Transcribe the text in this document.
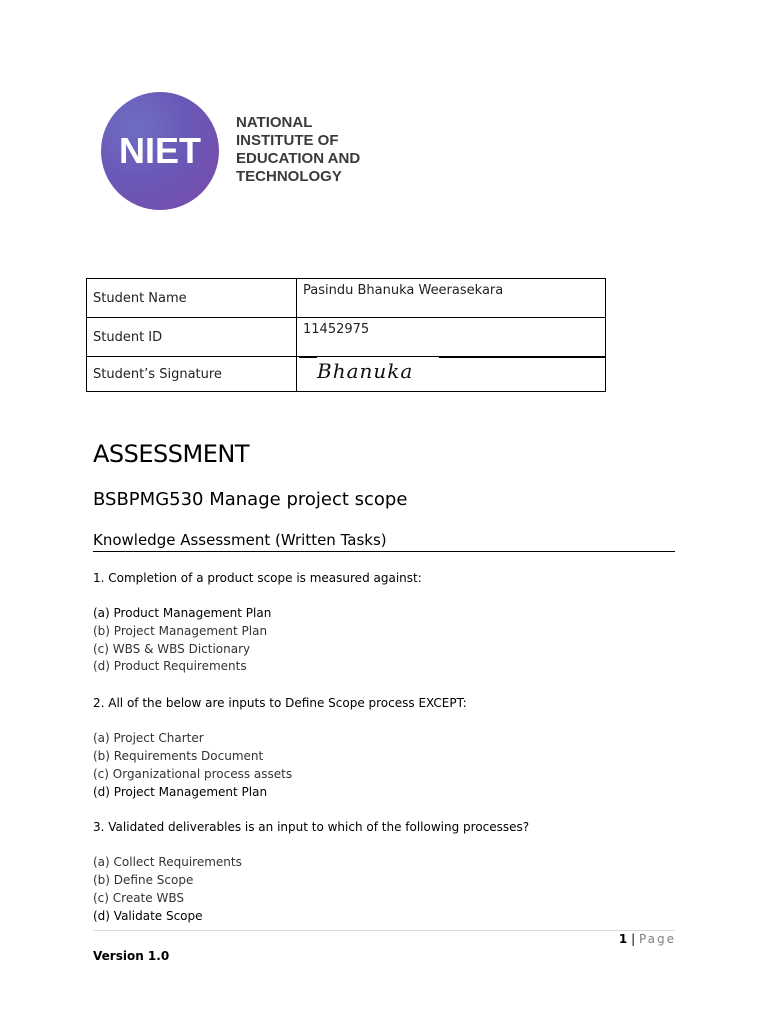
NIET
NATIONAL
INSTITUTE OF
EDUCATION AND
TECHNOLOGY
Student Name	Pasindu Bhanuka Weerasekara
Student ID	11452975
Student’s Signature	Bhanuka
ASSESSMENT
BSBPMG530 Manage project scope
Knowledge Assessment (Written Tasks)
1. Completion of a product scope is measured against:
(a) Product Management Plan
(b) Project Management Plan
(c) WBS & WBS Dictionary
(d) Product Requirements
2. All of the below are inputs to Define Scope process EXCEPT:
(a) Project Charter
(b) Requirements Document
(c) Organizational process assets
(d) Project Management Plan
3. Validated deliverables is an input to which of the following processes?
(a) Collect Requirements
(b) Define Scope
(c) Create WBS
(d) Validate Scope
1 | Page
Version 1.0
